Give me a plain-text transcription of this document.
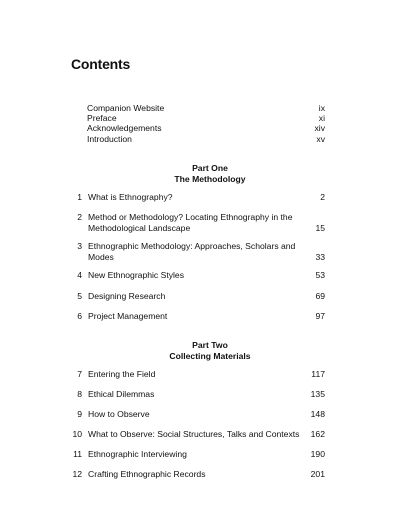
Contents
Companion Website	ix
Preface	xi
Acknowledgements	xiv
Introduction	xv
Part One
The Methodology
1 What is Ethnography?	2
2 Method or Methodology? Locating Ethnography in the Methodological Landscape	15
3 Ethnographic Methodology: Approaches, Scholars and Modes	33
4 New Ethnographic Styles	53
5 Designing Research	69
6 Project Management	97
Part Two
Collecting Materials
7 Entering the Field	117
8 Ethical Dilemmas	135
9 How to Observe	148
10 What to Observe: Social Structures, Talks and Contexts	162
11 Ethnographic Interviewing	190
12 Crafting Ethnographic Records	201
